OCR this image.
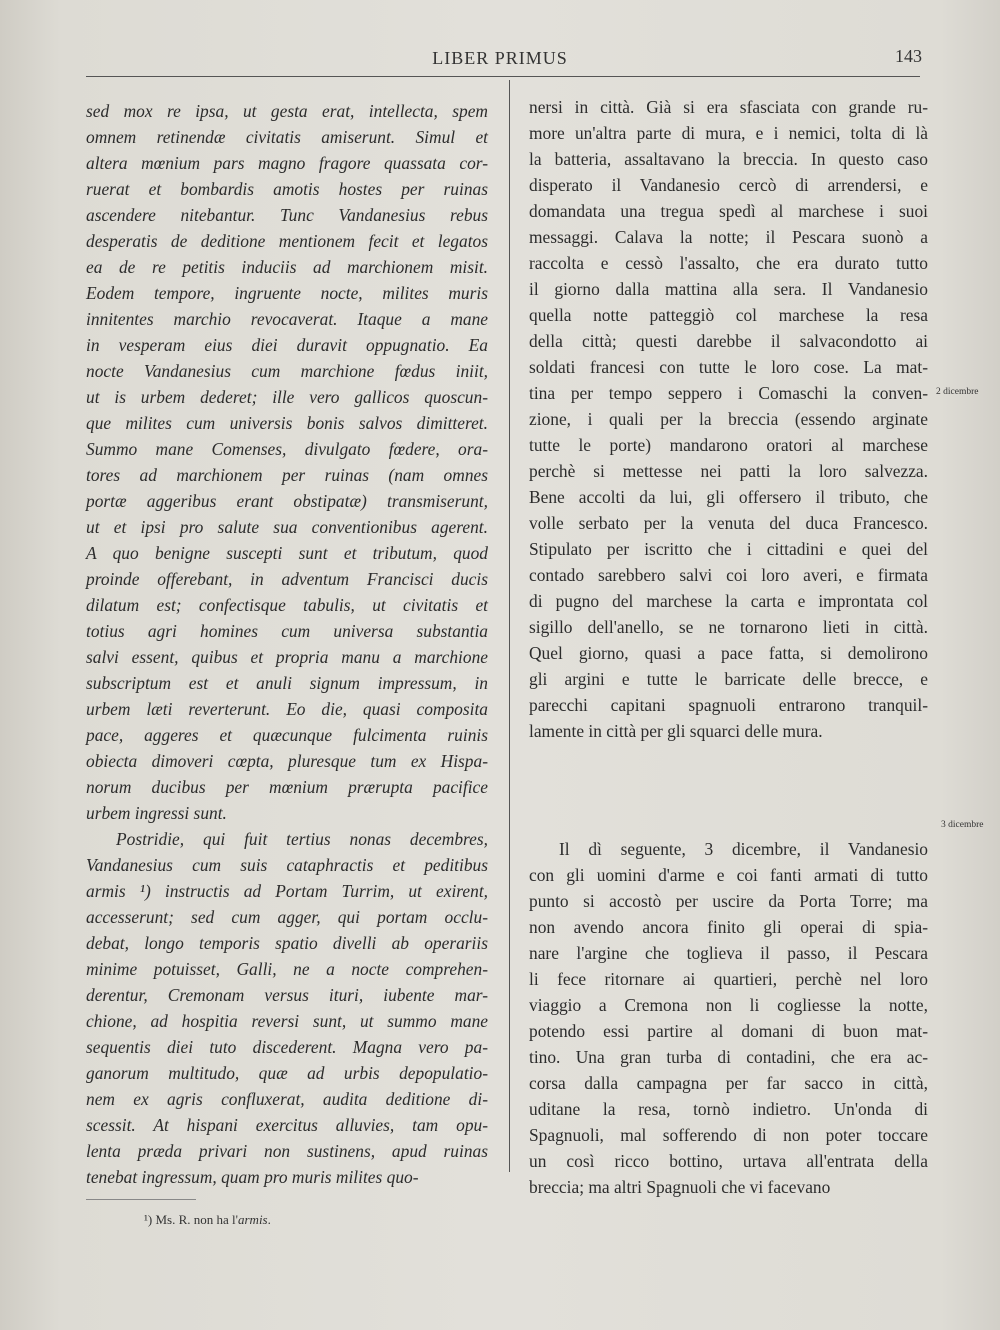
LIBER PRIMUS	143

sed mox re ipsa, ut gesta erat, intellecta, spem
omnem retinendæ civitatis amiserunt. Simul et
altera mœnium pars magno fragore quassata cor-
ruerat et bombardis amotis hostes per ruinas
ascendere nitebantur. Tunc Vandanesius rebus
desperatis de deditione mentionem fecit et legatos
ea de re petitis induciis ad marchionem misit.
Eodem tempore, ingruente nocte, milites muris
innitentes marchio revocaverat. Itaque a mane
in vesperam eius diei duravit oppugnatio. Ea
nocte Vandanesius cum marchione fœdus iniit,
ut is urbem dederet; ille vero gallicos quoscun-
que milites cum universis bonis salvos dimitteret.
Summo mane Comenses, divulgato fœdere, ora-
tores ad marchionem per ruinas (nam omnes
portæ aggeribus erant obstipatæ) transmiserunt,
ut et ipsi pro salute sua conventionibus agerent.
A quo benigne suscepti sunt et tributum, quod
proinde offerebant, in adventum Francisci ducis
dilatum est; confectisque tabulis, ut civitatis et
totius agri homines cum universa substantia
salvi essent, quibus et propria manu a marchione
subscriptum est et anuli signum impressum, in
urbem læti reverterunt. Eo die, quasi composita
pace, aggeres et quæcunque fulcimenta ruinis
obiecta dimoveri cœpta, pluresque tum ex Hispa-
norum ducibus per mœnium prærupta pacifice
urbem ingressi sunt.

Postridie, qui fuit tertius nonas decembres,
Vandanesius cum suis cataphractis et peditibus
armis ¹) instructis ad Portam Turrim, ut exirent,
accesserunt; sed cum agger, qui portam occlu-
debat, longo temporis spatio divelli ab operariis
minime potuisset, Galli, ne a nocte comprehen-
derentur, Cremonam versus ituri, iubente mar-
chione, ad hospitia reversi sunt, ut summo mane
sequentis diei tuto discederent. Magna vero pa-
ganorum multitudo, quæ ad urbis depopulatio-
nem ex agris confluxerat, audita deditione di-
scessit. At hispani exercitus alluvies, tam opu-
lenta præda privari non sustinens, apud ruinas
tenebat ingressum, quam pro muris milites quo-

nersi in città. Già si era sfasciata con grande ru-
more un'altra parte di mura, e i nemici, tolta di là
la batteria, assaltavano la breccia. In questo caso
disperato il Vandanesio cercò di arrendersi, e
domandata una tregua spedì al marchese i suoi
messaggi. Calava la notte; il Pescara suonò a
raccolta e cessò l'assalto, che era durato tutto
il giorno dalla mattina alla sera. Il Vandanesio
quella notte patteggiò col marchese la resa
della città; questi darebbe il salvacondotto ai
soldati francesi con tutte le loro cose. La mat-
tina per tempo seppero i Comaschi la conven-
zione, i quali per la breccia (essendo arginate
tutte le porte) mandarono oratori al marchese
perchè si mettesse nei patti la loro salvezza.
Bene accolti da lui, gli offersero il tributo, che
volle serbato per la venuta del duca Francesco.
Stipulato per iscritto che i cittadini e quei del
contado sarebbero salvi coi loro averi, e firmata
di pugno del marchese la carta e improntata col
sigillo dell'anello, se ne tornarono lieti in città.
Quel giorno, quasi a pace fatta, si demolirono
gli argini e tutte le barricate delle brecce, e
parecchi capitani spagnuoli entrarono tranquil-
lamente in città per gli squarci delle mura.

Il dì seguente, 3 dicembre, il Vandanesio
con gli uomini d'arme e coi fanti armati di tutto
punto si accostò per uscire da Porta Torre; ma
non avendo ancora finito gli operai di spia-
nare l'argine che toglieva il passo, il Pescara
li fece ritornare ai quartieri, perchè nel loro
viaggio a Cremona non li cogliesse la notte,
potendo essi partire al domani di buon mat-
tino. Una gran turba di contadini, che era ac-
corsa dalla campagna per far sacco in città,
uditane la resa, tornò indietro. Un'onda di
Spagnuoli, mal sofferendo di non poter toccare
un così ricco bottino, urtava all'entrata della
breccia; ma altri Spagnuoli che vi facevano

2 dicembre
3 dicembre
¹) Ms. R. non ha l'armis.
